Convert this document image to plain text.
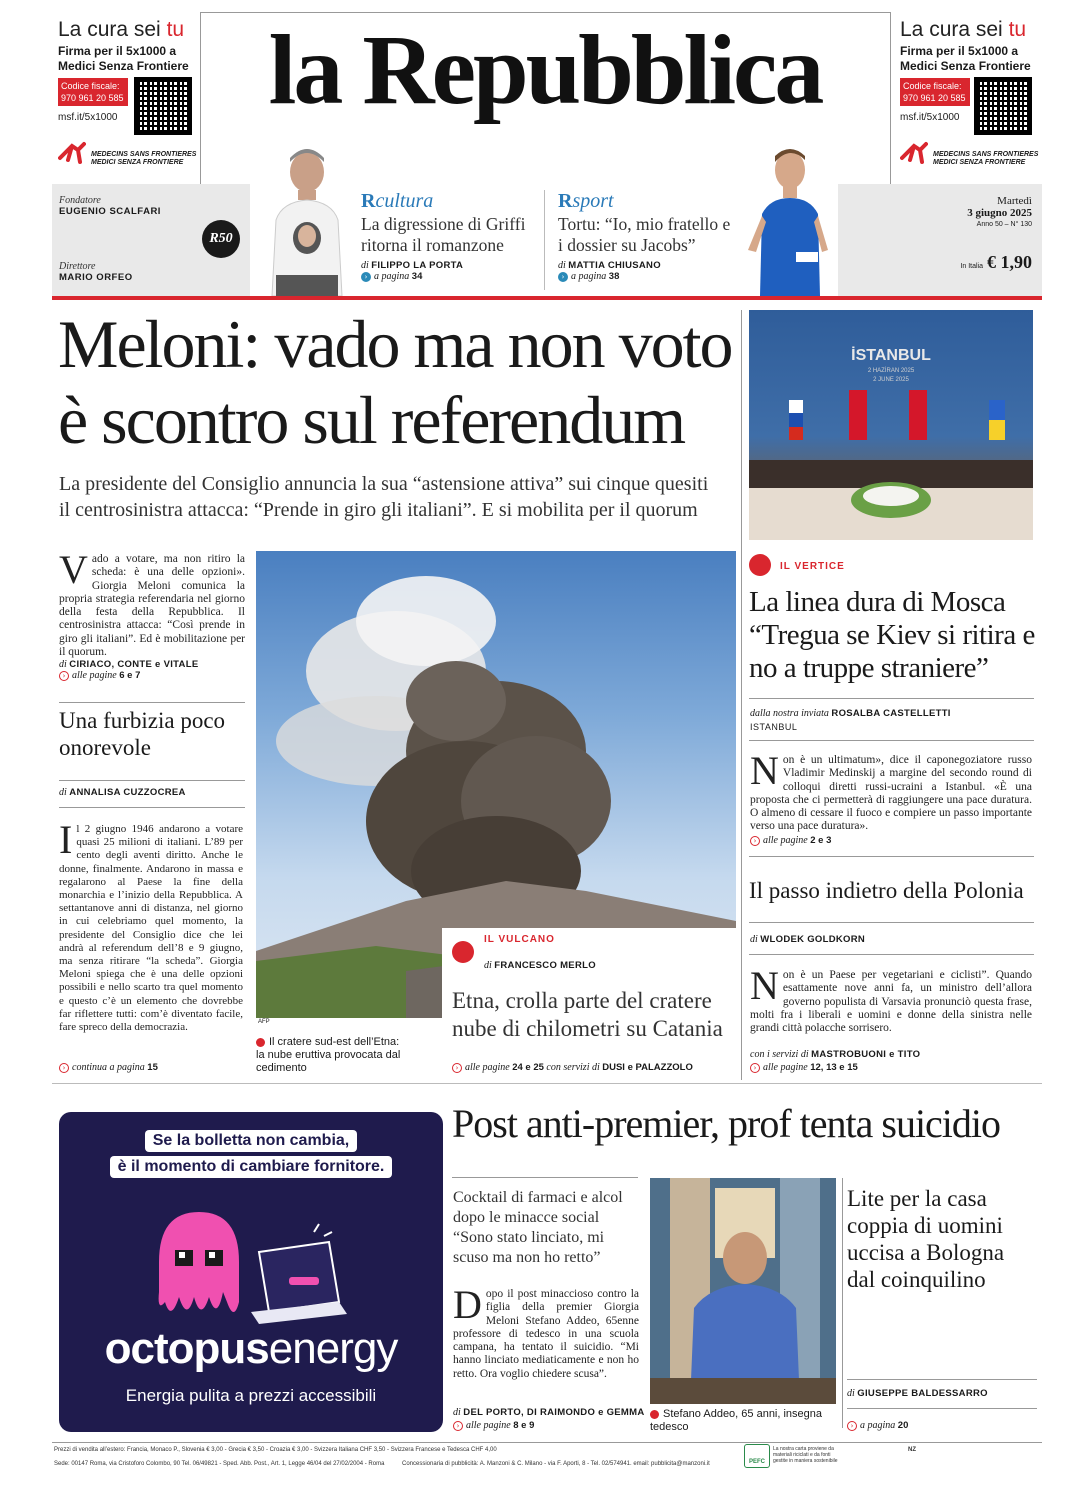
La cura sei tu
Firma per il 5x1000 a
Medici Senza Frontiere
Codice fiscale:
970 961 20 585
msf.it/5x1000
MEDECINS SANS FRONTIERES
MEDICI SENZA FRONTIERE
La cura sei tu
Firma per il 5x1000 a
Medici Senza Frontiere
Codice fiscale:
970 961 20 585
msf.it/5x1000
MEDECINS SANS FRONTIERES
MEDICI SENZA FRONTIERE
la Repubblica
Fondatore
EUGENIO SCALFARI
Direttore
MARIO ORFEO
R50
Rcultura
La digressione di Griffi ritorna il romanzone
di FILIPPO LA PORTA
› a pagina 34
Rsport
Tortu: “Io, mio fratello e i dossier su Jacobs”
di MATTIA CHIUSANO
› a pagina 38
Martedì
3 giugno 2025
Anno 50 – N° 130
In Italia € 1,90
Meloni: vado ma non voto
è scontro sul referendum
La presidente del Consiglio annuncia la sua “astensione attiva” sui cinque quesiti
il centrosinistra attacca: “Prende in giro gli italiani”. E si mobilita per il quorum
Vado a votare, ma non ritiro la scheda: è una delle opzioni». Giorgia Meloni comunica la propria strategia referendaria nel giorno della festa della Repubblica. Il centrosinistra attacca: “Così prende in giro gli italiani”. Ed è mobilitazione per il quorum.
di CIRIACO, CONTE e VITALE
› alle pagine 6 e 7
Una furbizia poco onorevole
di ANNALISA CUZZOCREA
Il 2 giugno 1946 andarono a votare quasi 25 milioni di italiani. L’89 per cento degli aventi diritto. Anche le donne, finalmente. Andarono in massa e regalarono al Paese la fine della monarchia e l’inizio della Repubblica. A settantanove anni di distanza, nel giorno in cui celebriamo quel momento, la presidente del Consiglio dice che lei andrà al referendum dell’8 e 9 giugno, ma senza ritirare “la scheda”. Giorgia Meloni spiega che è una delle opzioni possibili e nello scarto tra quel momento e questo c’è un elemento che dovrebbe far riflettere tutti: com’è diventato facile, fare spreco della democrazia.
› continua a pagina 15
AFP
Il cratere sud-est dell’Etna: la nube eruttiva provocata dal cedimento
IL VULCANO
di FRANCESCO MERLO
Etna, crolla parte del cratere nube di chilometri su Catania
› alle pagine 24 e 25 con servizi di DUSI e PALAZZOLO
İSTANBUL
2 HAZİRAN 2025
2 JUNE 2025
IL VERTICE
La linea dura di Mosca “Tregua se Kiev si ritira e no a truppe straniere”
dalla nostra inviata ROSALBA CASTELLETTI
ISTANBUL
Non è un ultimatum», dice il caponegoziatore russo Vladimir Medinskij a margine del secondo round di colloqui diretti russi-ucraini a Istanbul. «È una proposta che ci permetterà di raggiungere una pace duratura. O almeno di cessare il fuoco e compiere un passo importante verso una pace duratura».
› alle pagine 2 e 3
Il passo indietro della Polonia
di WLODEK GOLDKORN
Non è un Paese per vegetariani e ciclisti”. Quando esattamente nove anni fa, un ministro dell’allora governo populista di Varsavia pronunciò questa frase, molti fra i liberali e uomini e donne della sinistra nelle grandi città polacche sorrisero.
con i servizi di MASTROBUONI e TITO
› alle pagine 12, 13 e 15
Se la bolletta non cambia,
è il momento di cambiare fornitore.
octopusenergy
Energia pulita a prezzi accessibili
Post anti-premier, prof tenta suicidio
Cocktail di farmaci e alcol dopo le minacce social “Sono stato linciato, mi scuso ma non ho retto”
Dopo il post minaccioso contro la figlia della premier Giorgia Meloni Stefano Addeo, 65enne professore di tedesco in una scuola campana, ha tentato il suicidio. “Mi hanno linciato mediaticamente e non ho retto. Ora voglio chiedere scusa”.
di DEL PORTO, DI RAIMONDO e GEMMA
› alle pagine 8 e 9
Stefano Addeo, 65 anni, insegna tedesco
Lite per la casa coppia di uomini uccisa a Bologna dal coinquilino
di GIUSEPPE BALDESSARRO
› a pagina 20
Prezzi di vendita all’estero: Francia, Monaco P., Slovenia € 3,00 - Grecia € 3,50 - Croazia € 3,00 - Svizzera Italiana CHF 3,50 - Svizzera Francese e Tedesca CHF 4,00
Sede: 00147 Roma, via Cristoforo Colombo, 90 Tel. 06/49821 - Sped. Abb. Post., Art. 1, Legge 46/04 del 27/02/2004 - Roma	Concessionaria di pubblicità: A. Manzoni & C. Milano - via F. Aporti, 8 - Tel. 02/574941. email: pubblicita@manzoni.it	PEFC
La nostra carta proviene da materiali riciclati e da fonti gestite in maniera sostenibile
NZ
